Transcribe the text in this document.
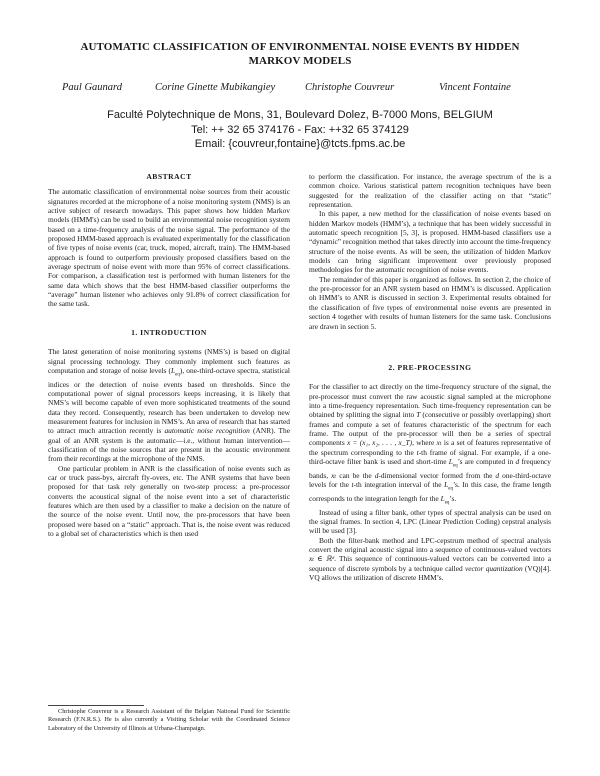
AUTOMATIC CLASSIFICATION OF ENVIRONMENTAL NOISE EVENTS BY HIDDEN
MARKOV MODELS
Paul Gaunard	Corine Ginette Mubikangiey	Christophe Couvreur	Vincent Fontaine
Faculté Polytechnique de Mons, 31, Boulevard Dolez, B-7000 Mons, BELGIUM
Tel: ++ 32 65 374176 - Fax: ++32 65 374129
Email: {couvreur,fontaine}@tcts.fpms.ac.be
ABSTRACT

The automatic classification of environmental noise sources from their acoustic signatures recorded at the microphone of a noise monitoring system (NMS) is an active subject of research nowadays. This paper shows how hidden Markov models (HMM's) can be used to build an environmental noise recognition system based on a time-frequency analysis of the noise signal. The performance of the proposed HMM-based approach is evaluated experimentally for the classification of five types of noise events (car, truck, moped, aircraft, train). The HMM-based approach is found to outperform previously proposed classifiers based on the average spectrum of noise event with more than 95% of correct classifications. For comparison, a classification test is performed with human listeners for the same data which shows that the best HMM-based classifier outperforms the “average” human listener who achieves only 91.8% of correct classification for the same task.

1. INTRODUCTION

The latest generation of noise monitoring systems (NMS’s) is based on digital signal processing technology. They commonly implement such features as computation and storage of noise levels $(L_{eq})$, one-third-octave spectra, statistical indices or the detection of noise events based on thresholds. Since the computational power of signal processors keeps increasing, it is likely that NMS’s will become capable of even more sophisticated treatments of the sound data they record. Consequently, research has been undertaken to develop new measurement features for inclusion in NMS’s. An area of research that has started to attract much attraction recently is automatic noise recognition (ANR). The goal of an ANR system is the automatic—i.e., without human intervention—classification of the noise sources that are present in the acoustic environment from their recordings at the microphone of the NMS.

One particular problem in ANR is the classification of noise events such as car or truck pass-bys, aircraft fly-overs, etc. The ANR systems that have been proposed for that task rely generally on two-step process: a pre-processor converts the acoustical signal of the noise event into a set of characteristic features which are then used by a classifier to make a decision on the nature of the source of the noise event. Until now, the pre-processors that have been proposed were based on a “static” approach. That is, the noise event was reduced to a global set of characteristics which is then used

to perform the classification. For instance, the average spectrum of the is a common choice. Various statistical pattern recognition techniques have been suggested for the realization of the classifier acting on that “static” representation.

In this paper, a new method for the classification of noise events based on hidden Markov models (HMM’s), a technique that has been widely successful in automatic speech recognition [5, 3], is proposed. HMM-based classifiers use a “dynamic” recognition method that takes directly into account the time-frequency structure of the noise events. As will be seen, the utilization of hidden Markov models can bring significant improvement over previously proposed methodologies for the automatic recognition of noise events.

The remainder of this paper is organized as follows. In section 2, the choice of the pre-processor for an ANR system based on HMM’s is discussed. Application oh HMM’s to ANR is discussed in section 3. Experimental results obtained for the classification of five types of environmental noise events are presented in section 4 together with results of human listeners for the same task. Conclusions are drawn in section 5.

2. PRE-PROCESSING

For the classifier to act directly on the time-frequency structure of the signal, the pre-processor must convert the raw acoustic signal sampled at the microphone into a time-frequency representation. Such time-frequency representation can be obtained by splitting the signal into T (consecutive or possibly overlapping) short frames and compute a set of features characteristic of the spectrum for each frame. The output of the pre-processor will then be a series of spectral components x = (x₁, x₂, . . . , x_T), where xₜ is a set of features representative of the spectrum corresponding to the t-th frame of signal. For example, if a one-third-octave filter bank is used and short-time $L_{eq}’s$ are computed in d frequency bands, xₜ can be the d-dimensional vector formed from the d one-third-octave levels for the t-th integration interval of the $L_{eq}’s$. In this case, the frame length corresponds to the integration length for the $L_{eq}’s$.

Instead of using a filter bank, other types of spectral analysis can be used on the signal frames. In section 4, LPC (Linear Prediction Coding) cepstral analysis will be used [3].

Both the filter-bank method and LPC-cepstrum method of spectral analysis convert the original acoustic signal into a sequence of continuous-valued vectors xₜ ∈ ℝᵈ. This sequence of continuous-valued vectors can be converted into a sequence of discrete symbols by a technique called vector quantization (VQ)[4]. VQ allows the utilization of discrete HMM’s.

Christophe Couvreur is a Research Assistant of the Belgian National Fund for Scientific Research (F.N.R.S.). He is also currently a Visiting Scholar with the Coordinated Science Laboratory of the University of Illinois at Urbana-Champaign.
